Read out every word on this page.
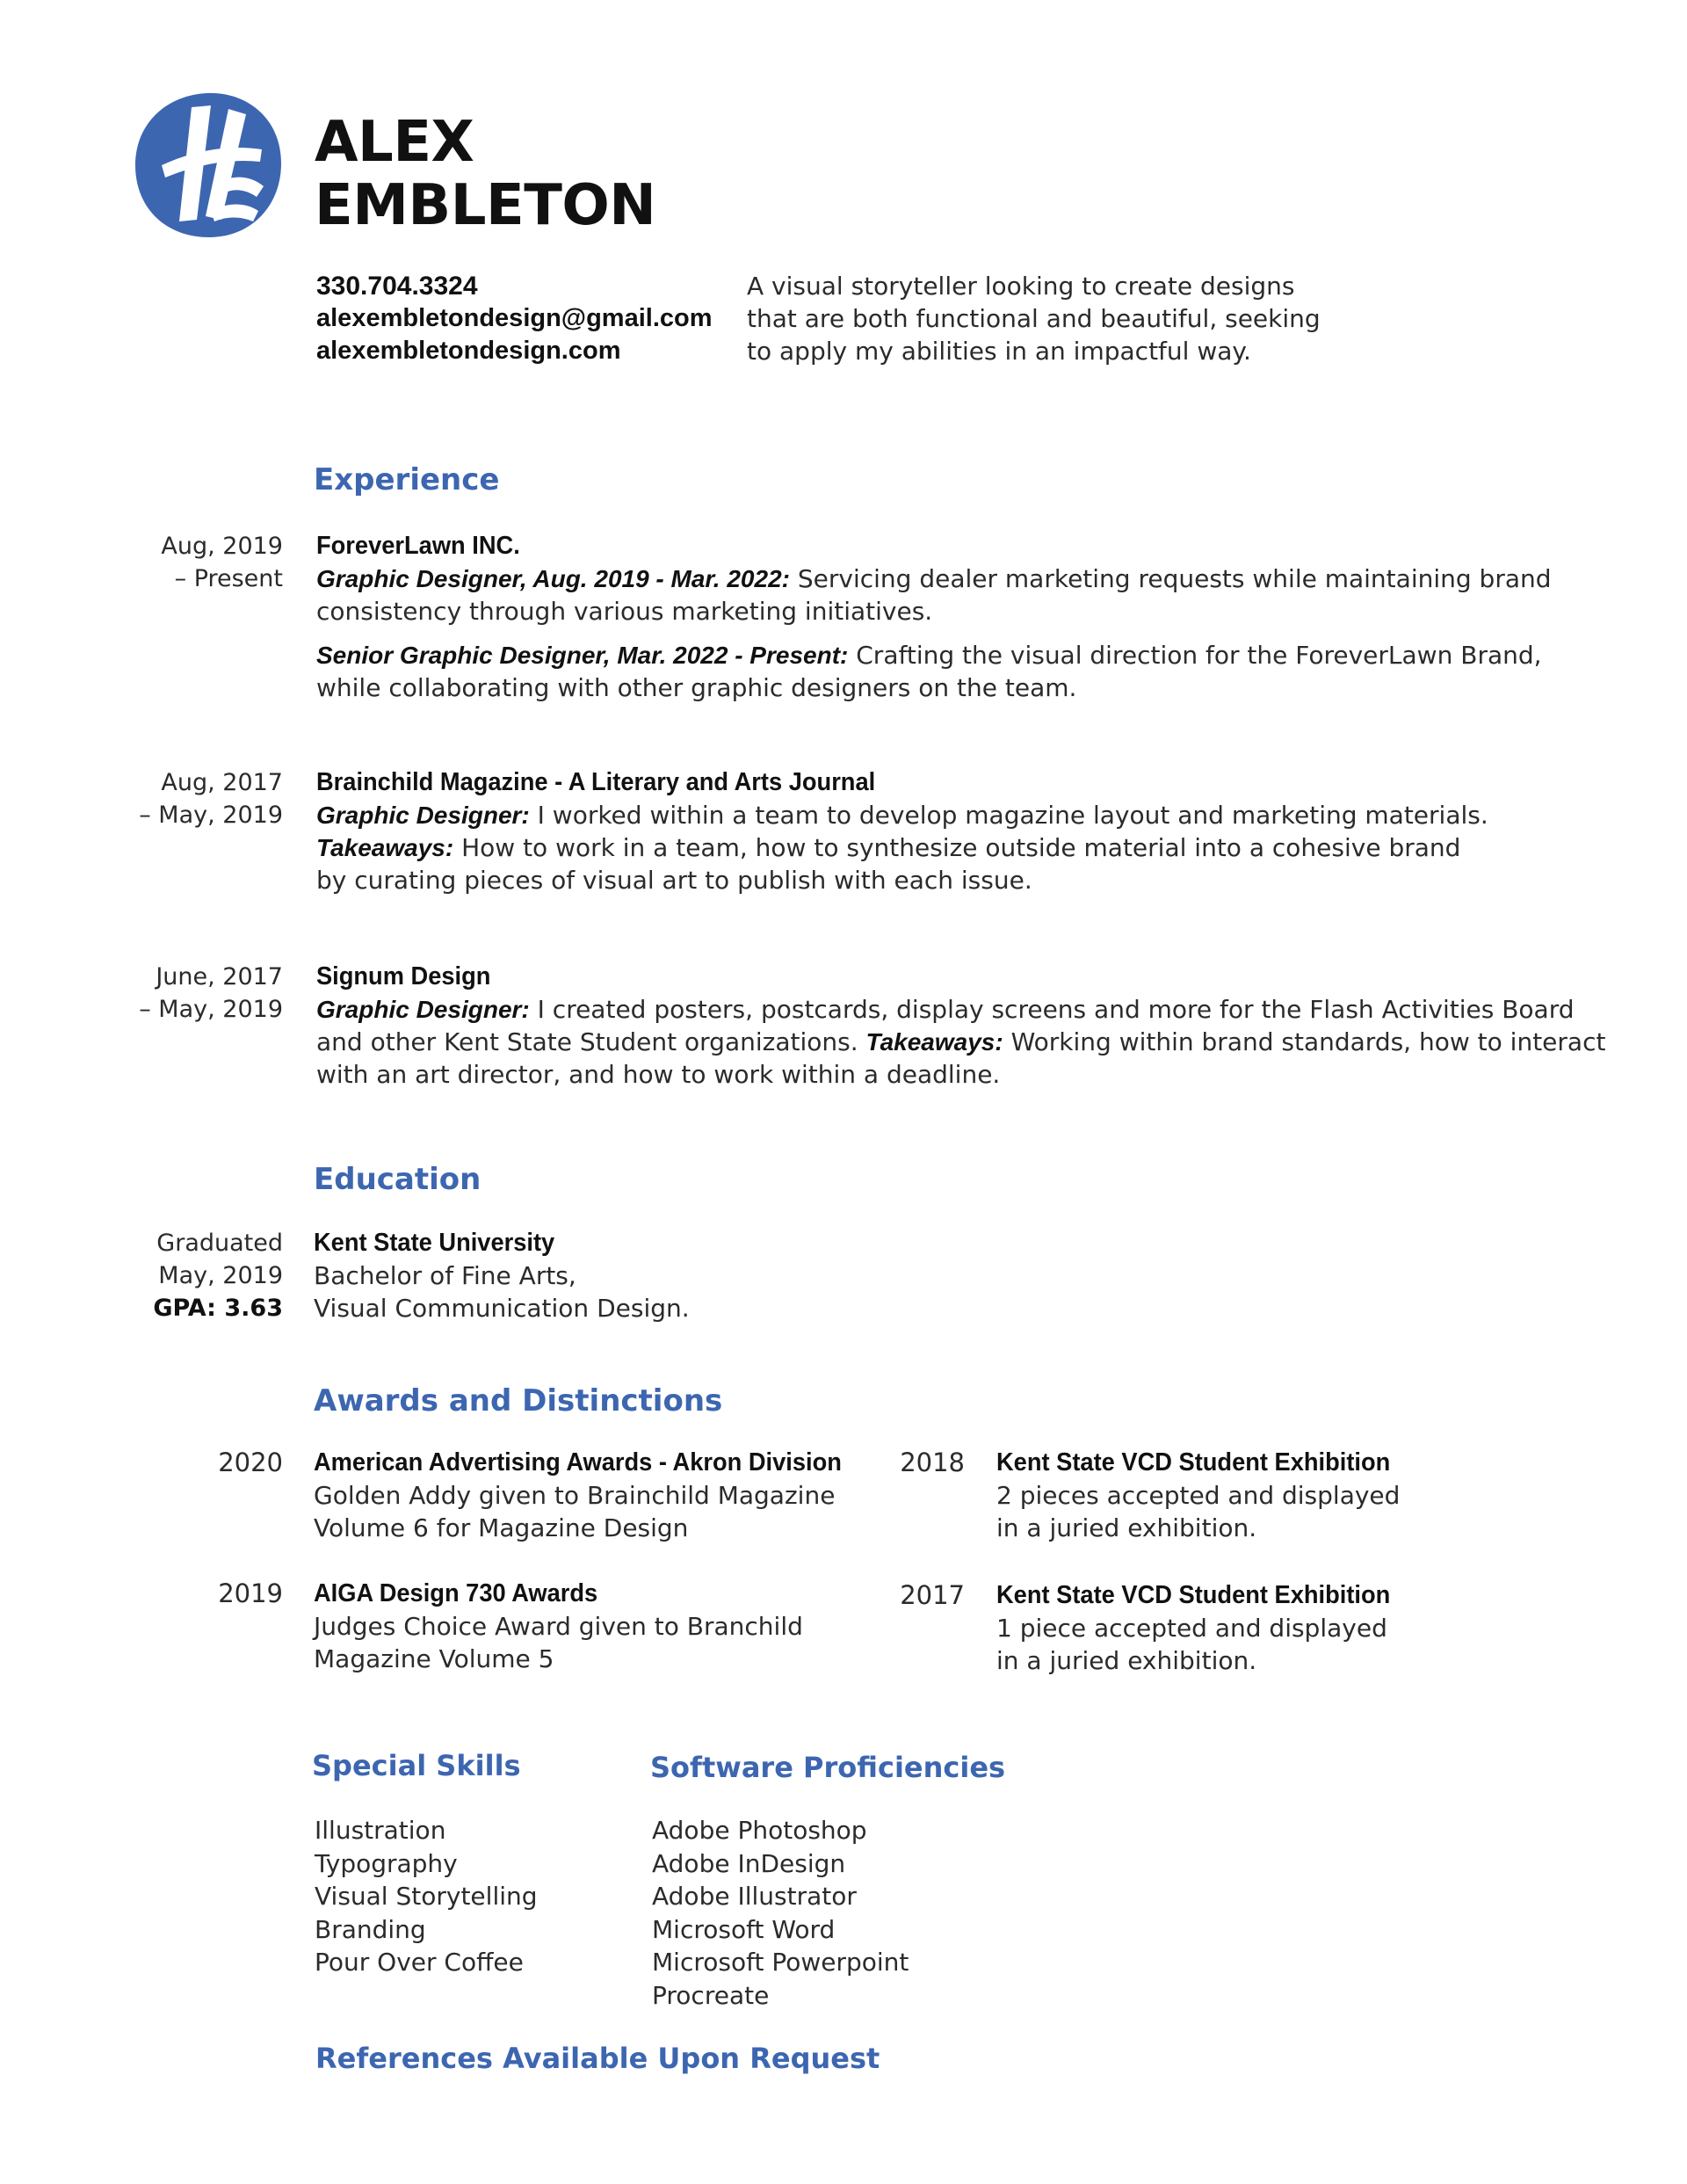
ALEX
EMBLETON
330.704.3324
alexembletondesign@gmail.com
alexembletondesign.com
A visual storyteller looking to create designs
that are both functional and beautiful, seeking
to apply my abilities in an impactful way.
Experience
Aug, 2019
– Present
ForeverLawn INC.
Graphic Designer, Aug. 2019 - Mar. 2022: Servicing dealer marketing requests while maintaining brand
consistency through various marketing initiatives.
Senior Graphic Designer, Mar. 2022 - Present: Crafting the visual direction for the ForeverLawn Brand,
while collaborating with other graphic designers on the team.
Aug, 2017
– May, 2019
Brainchild Magazine - A Literary and Arts Journal
Graphic Designer: I worked within a team to develop magazine layout and marketing materials.
Takeaways: How to work in a team, how to synthesize outside material into a cohesive brand
by curating pieces of visual art to publish with each issue.
June, 2017
– May, 2019
Signum Design
Graphic Designer: I created posters, postcards, display screens and more for the Flash Activities Board
and other Kent State Student organizations. Takeaways: Working within brand standards, how to interact
with an art director, and how to work within a deadline.
Education
Graduated
May, 2019
GPA: 3.63
Kent State University
Bachelor of Fine Arts,
Visual Communication Design.
Awards and Distinctions
2020 American Advertising Awards - Akron Division
Golden Addy given to Brainchild Magazine
Volume 6 for Magazine Design
2019 AIGA Design 730 Awards
Judges Choice Award given to Branchild
Magazine Volume 5
2018 Kent State VCD Student Exhibition
2 pieces accepted and displayed
in a juried exhibition.
2017 Kent State VCD Student Exhibition
1 piece accepted and displayed
in a juried exhibition.
Special Skills
Illustration
Typography
Visual Storytelling
Branding
Pour Over Coffee
Software Proficiencies
Adobe Photoshop
Adobe InDesign
Adobe Illustrator
Microsoft Word
Microsoft Powerpoint
Procreate
References Available Upon Request
